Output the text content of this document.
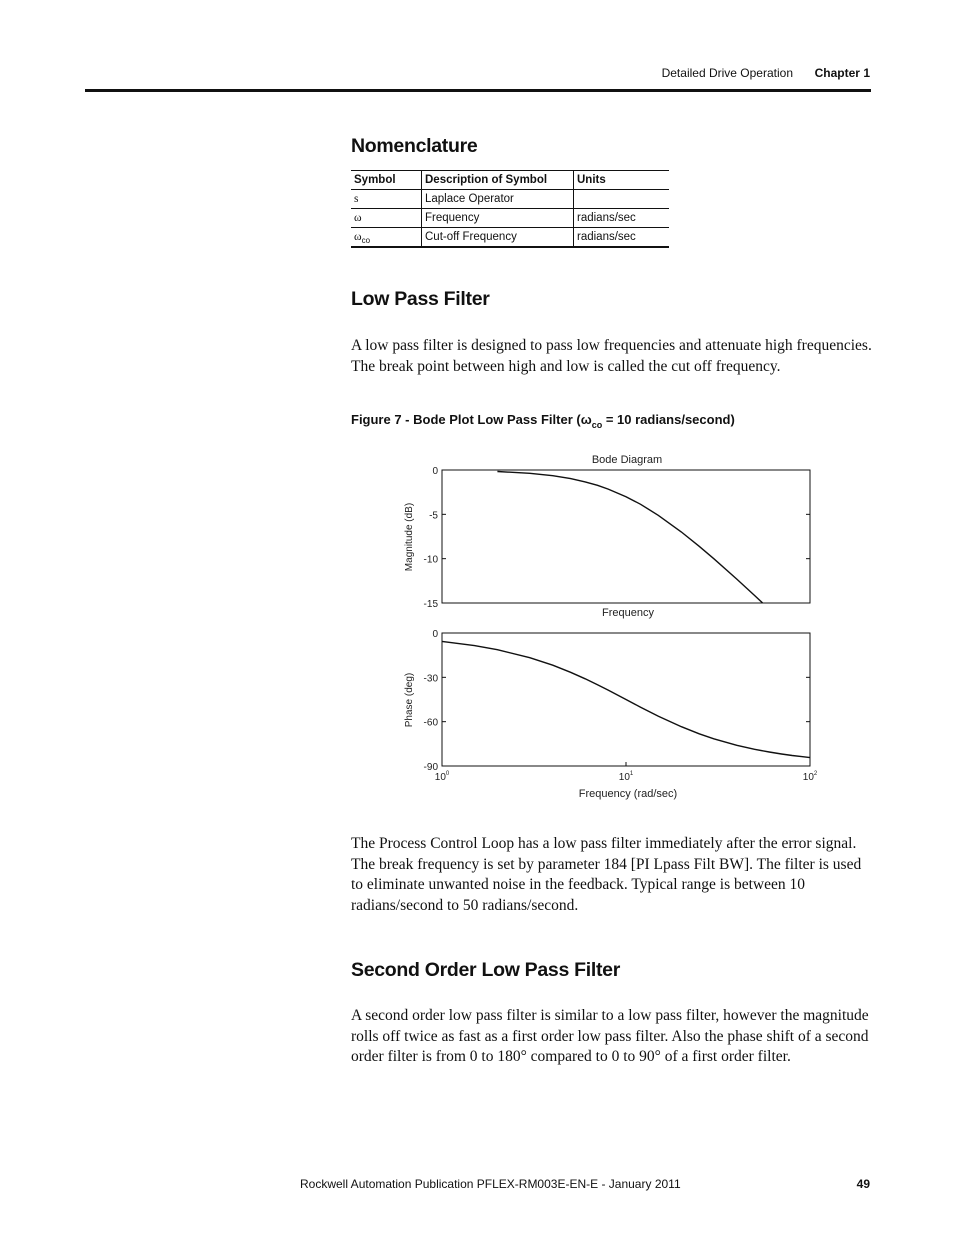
Detailed Drive Operation Chapter 1
Nomenclature
Symbol	Description of Symbol	Units
s	Laplace Operator	
ω	Frequency	radians/sec
$\omega_{co}$	Cut-off Frequency	radians/sec
Low Pass Filter

A low pass filter is designed to pass low frequencies and attenuate high frequencies. The break point between high and low is called the cut off frequency.

Figure 7 - Bode Plot Low Pass Filter ($\omega_{co} = 10$ radians/second)
Bode Diagram
0
-5
-10
-15
Frequency
Magnitude (dB)
0
-30
-60
-90
$10^0$	$10^1$	$10^2$
Frequency (rad/sec)
Phase (deg)

The Process Control Loop has a low pass filter immediately after the error signal. The break frequency is set by parameter 184 [PI Lpass Filt BW]. The filter is used to eliminate unwanted noise in the feedback. Typical range is between 10 radians/second to 50 radians/second.

Second Order Low Pass Filter

A second order low pass filter is similar to a low pass filter, however the magnitude rolls off twice as fast as a first order low pass filter. Also the phase shift of a second order filter is from 0 to 180° compared to 0 to 90° of a first order filter.

Rockwell Automation Publication PFLEX-RM003E-EN-E - January 2011	49
